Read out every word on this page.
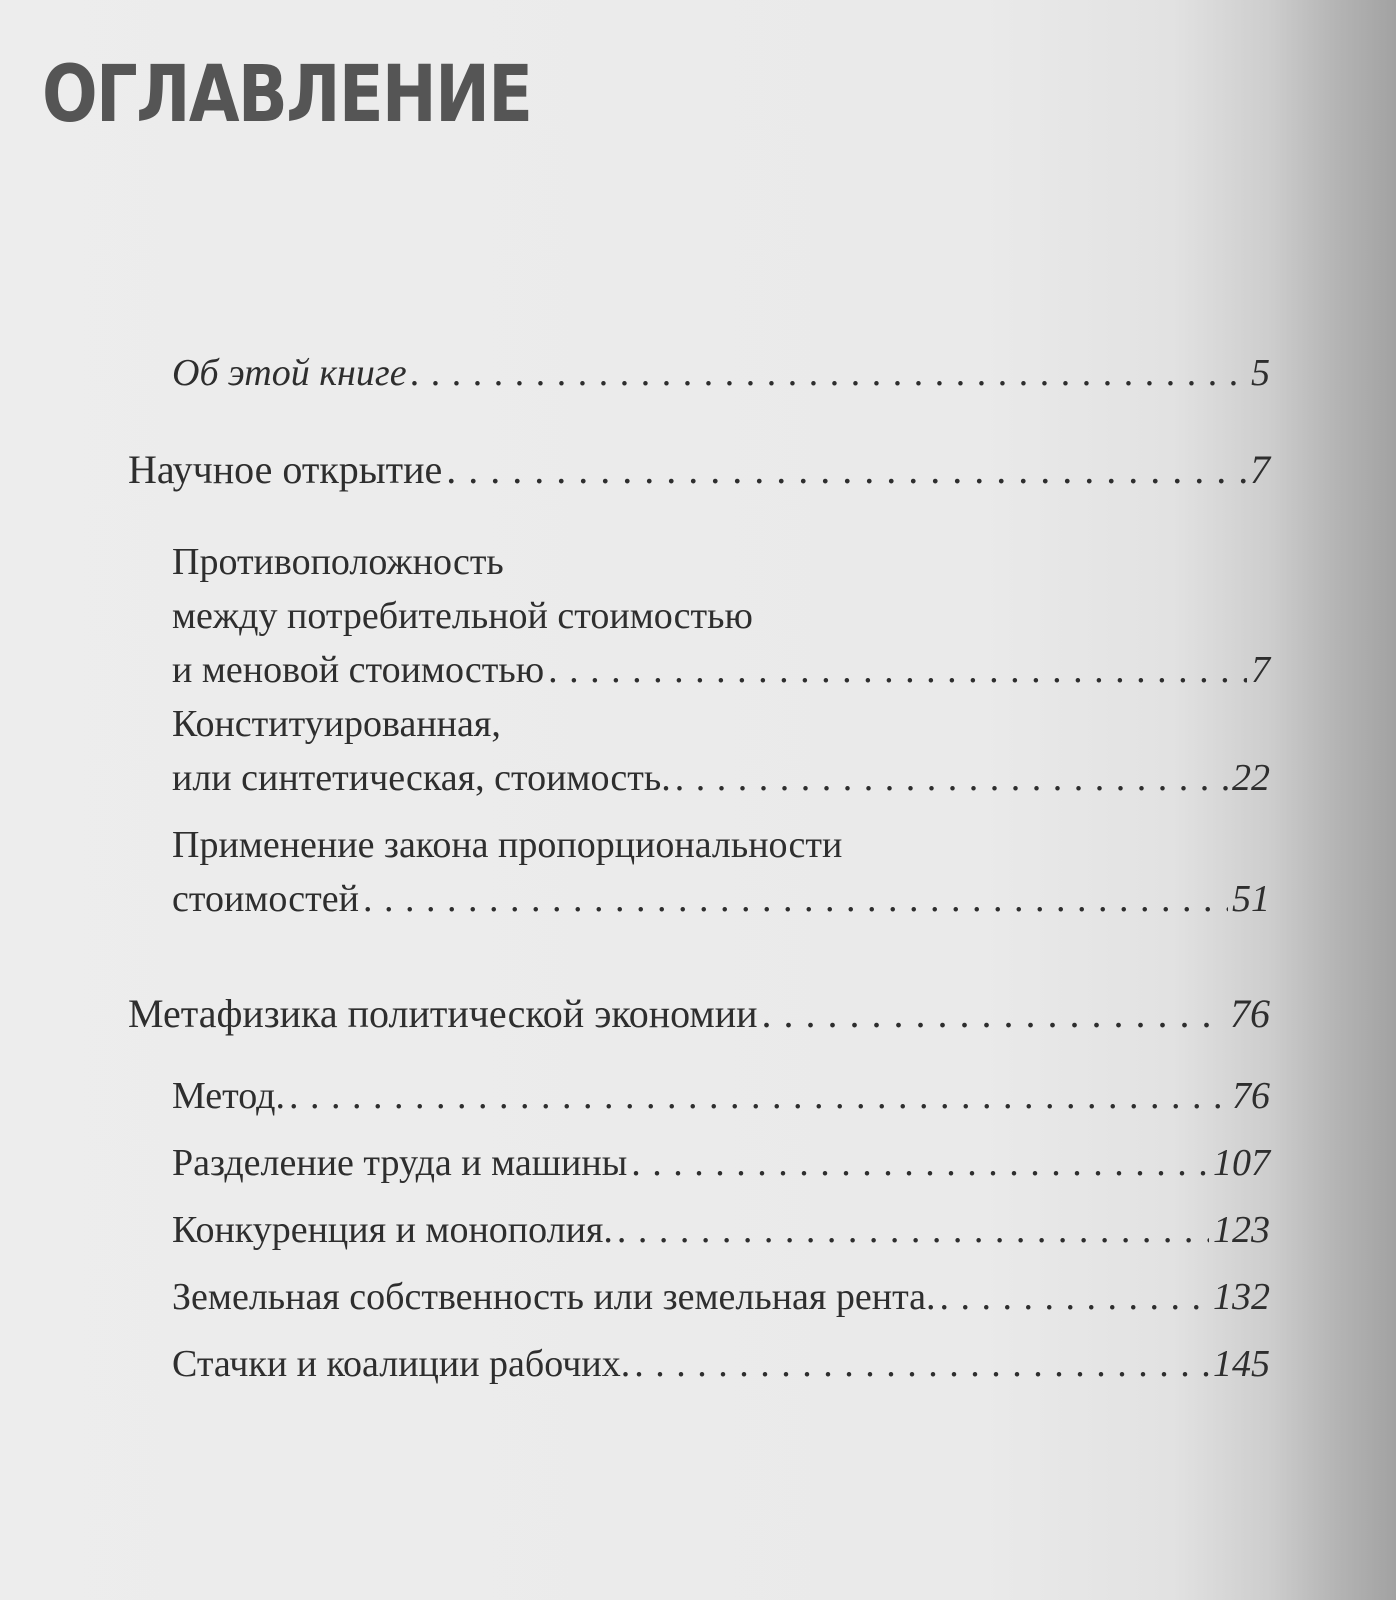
ОГЛАВЛЕНИЕ
Об этой книге . . .	5
Научное открытие . . .	7
Противоположность
между потребительной стоимостью
и меновой стоимостью . . .	7
Конституированная,
или синтетическая, стоимость. . . .	22
Применение закона пропорциональности
стоимостей . . .	51
Метафизика политической экономии . . .	76
Метод. . . .	76
Разделение труда и машины . . .	107
Конкуренция и монополия. . . .	123
Земельная собственность или земельная рента. . . .	132
Стачки и коалиции рабочих. . . .	145
